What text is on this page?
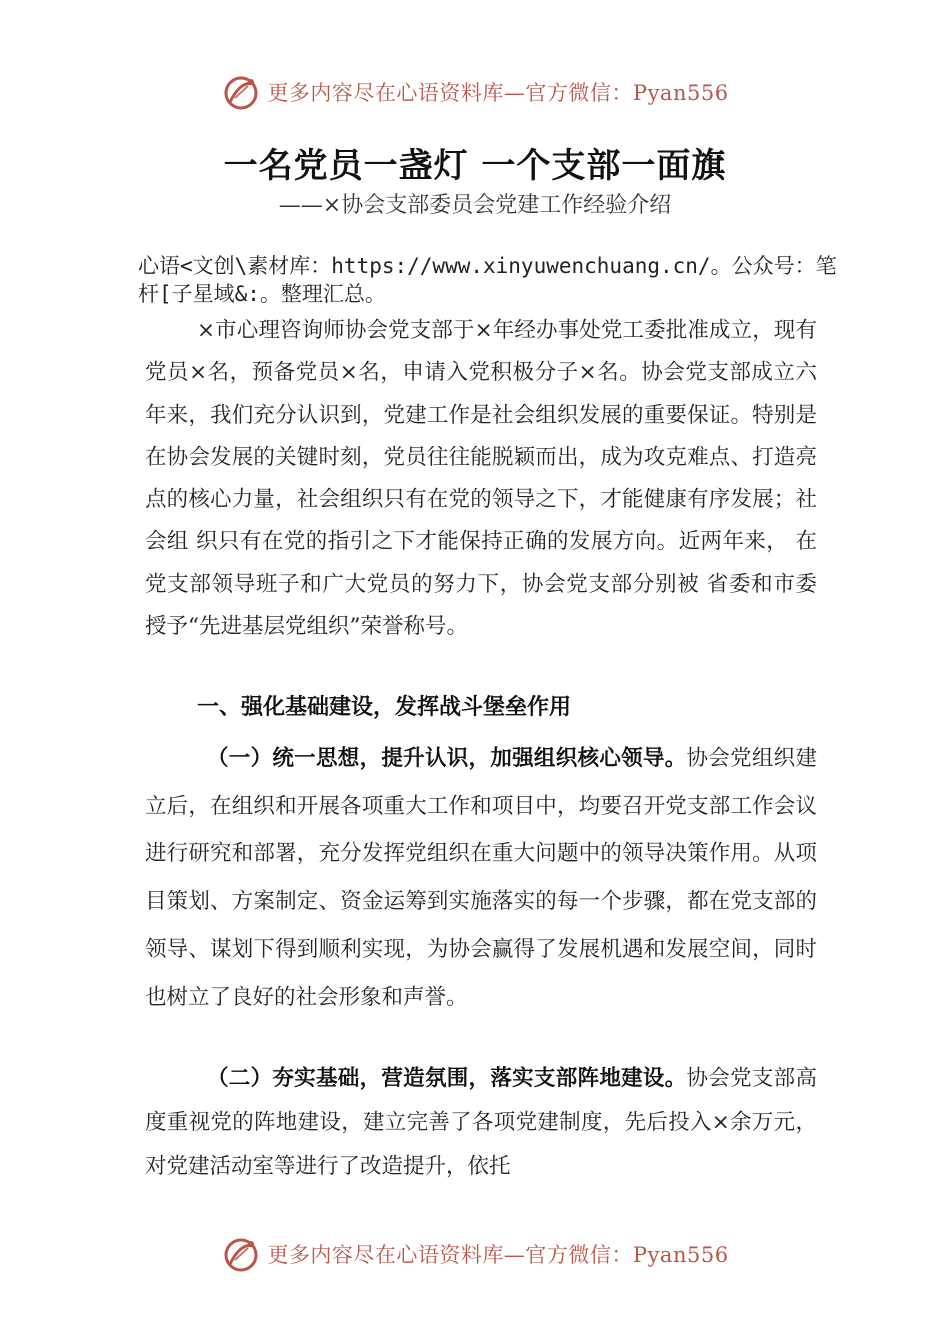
更多内容尽在心语资料库—官方微信：Pyan556
一名党员一盏灯 一个支部一面旗
——×协会支部委员会党建工作经验介绍
心语<文创\素材库：https://www.xinyuwenchuang.cn/。公众号：笔杆[子星域&:。整理汇总。

×市心理咨询师协会党支部于×年经办事处党工委批准成立，现有党员×名，预备党员×名，申请入党积极分子×名。协会党支部成立六年来，我们充分认识到，党建工作是社会组织发展的重要保证。特别是在协会发展的关键时刻，党员往往能脱颖而出，成为攻克难点、打造亮点的核心力量，社会组织只有在党的领导之下，才能健康有序发展；社会组 织只有在党的指引之下才能保持正确的发展方向。近两年来， 在党支部领导班子和广大党员的努力下，协会党支部分别被 省委和市委授予“先进基层党组织”荣誉称号。

一、强化基础建设，发挥战斗堡垒作用

（一）统一思想，提升认识，加强组织核心领导。协会党组织建立后，在组织和开展各项重大工作和项目中，均要召开党支部工作会议进行研究和部署，充分发挥党组织在重大问题中的领导决策作用。从项目策划、方案制定、资金运筹到实施落实的每一个步骤，都在党支部的领导、谋划下得到顺利实现，为协会赢得了发展机遇和发展空间，同时也树立了良好的社会形象和声誉。

（二）夯实基础，营造氛围，落实支部阵地建设。协会党支部高度重视党的阵地建设，建立完善了各项党建制度，先后投入×余万元，对党建活动室等进行了改造提升，依托

更多内容尽在心语资料库—官方微信：Pyan556
